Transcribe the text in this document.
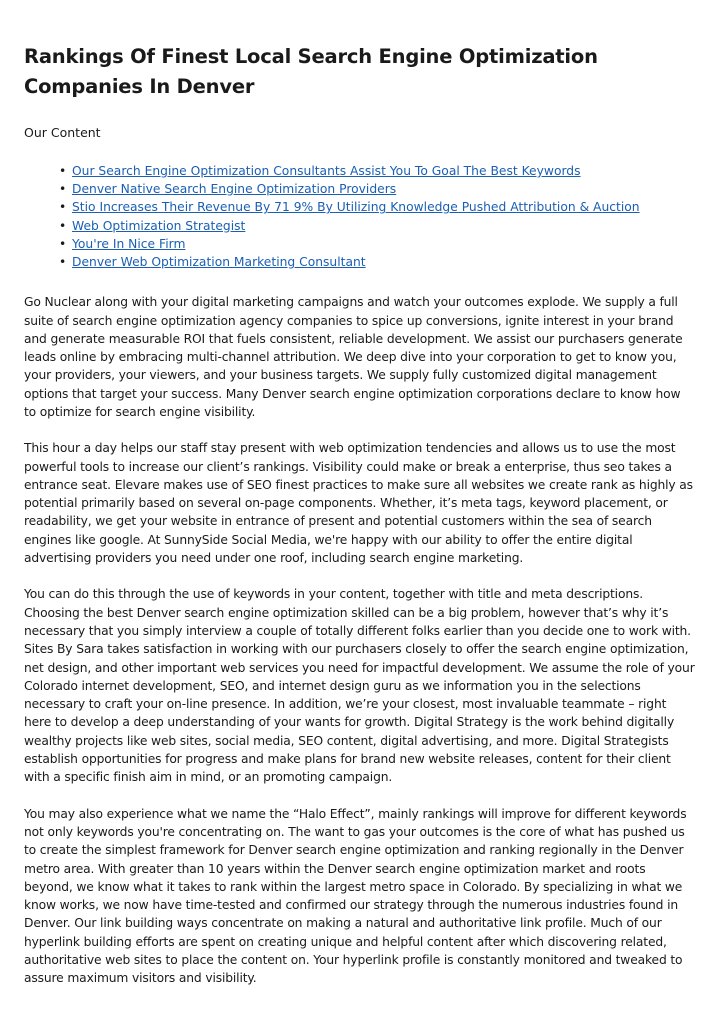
Rankings Of Finest Local Search Engine Optimization Companies In Denver
Our Content
• Our Search Engine Optimization Consultants Assist You To Goal The Best Keywords
• Denver Native Search Engine Optimization Providers
• Stio Increases Their Revenue By 71 9% By Utilizing Knowledge Pushed Attribution & Auction
• Web Optimization Strategist
• You're In Nice Firm
• Denver Web Optimization Marketing Consultant

Go Nuclear along with your digital marketing campaigns and watch your outcomes explode. We supply a full suite of search engine optimization agency companies to spice up conversions, ignite interest in your brand and generate measurable ROI that fuels consistent, reliable development. We assist our purchasers generate leads online by embracing multi-channel attribution. We deep dive into your corporation to get to know you, your providers, your viewers, and your business targets. We supply fully customized digital management options that target your success. Many Denver search engine optimization corporations declare to know how to optimize for search engine visibility.

This hour a day helps our staff stay present with web optimization tendencies and allows us to use the most powerful tools to increase our client’s rankings. Visibility could make or break a enterprise, thus seo takes a entrance seat. Elevare makes use of SEO finest practices to make sure all websites we create rank as highly as potential primarily based on several on-page components. Whether, it’s meta tags, keyword placement, or readability, we get your website in entrance of present and potential customers within the sea of search engines like google. At SunnySide Social Media, we're happy with our ability to offer the entire digital advertising providers you need under one roof, including search engine marketing.

You can do this through the use of keywords in your content, together with title and meta descriptions. Choosing the best Denver search engine optimization skilled can be a big problem, however that’s why it’s necessary that you simply interview a couple of totally different folks earlier than you decide one to work with. Sites By Sara takes satisfaction in working with our purchasers closely to offer the search engine optimization, net design, and other important web services you need for impactful development. We assume the role of your Colorado internet development, SEO, and internet design guru as we information you in the selections necessary to craft your on-line presence. In addition, we’re your closest, most invaluable teammate – right here to develop a deep understanding of your wants for growth. Digital Strategy is the work behind digitally wealthy projects like web sites, social media, SEO content, digital advertising, and more. Digital Strategists establish opportunities for progress and make plans for brand new website releases, content for their client with a specific finish aim in mind, or an promoting campaign.

You may also experience what we name the “Halo Effect”, mainly rankings will improve for different keywords not only keywords you're concentrating on. The want to gas your outcomes is the core of what has pushed us to create the simplest framework for Denver search engine optimization and ranking regionally in the Denver metro area. With greater than 10 years within the Denver search engine optimization market and roots beyond, we know what it takes to rank within the largest metro space in Colorado. By specializing in what we know works, we now have time-tested and confirmed our strategy through the numerous industries found in Denver. Our link building ways concentrate on making a natural and authoritative link profile. Much of our hyperlink building efforts are spent on creating unique and helpful content after which discovering related, authoritative web sites to place the content on. Your hyperlink profile is constantly monitored and tweaked to assure maximum visitors and visibility.
